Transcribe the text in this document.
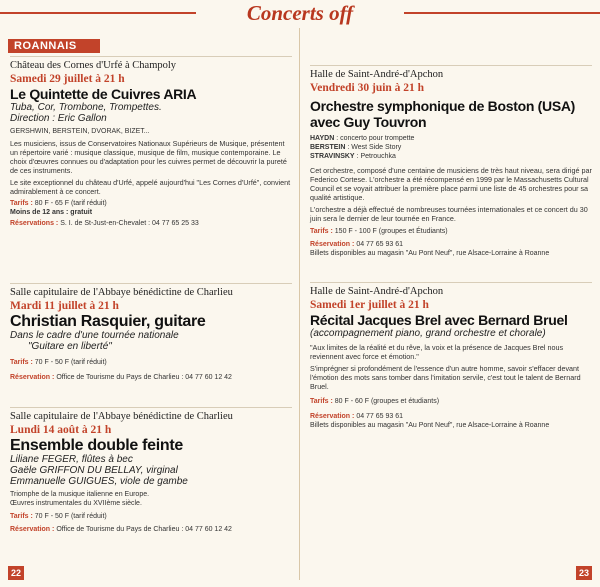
Concerts off
ROANNAIS
Château des Cornes d'Urfé à Champoly
Samedi 29 juillet à 21 h
Le Quintette de Cuivres ARIA
Tuba, Cor, Trombone, Trompettes.
Direction : Eric Gallon
GERSHWIN, BERSTEIN, DVORAK, BIZET...
Les musiciens, issus de Conservatoires Nationaux Supérieurs de Musique, présentent un répertoire varié : musique classique, musique de film, musique contemporaine. Le choix d'œuvres connues ou d'adaptation pour les cuivres permet de découvrir la pureté de ces instruments.
Le site exceptionnel du château d'Urfé, appelé aujourd'hui "Les Cornes d'Urfé", convient admirablement à ce concert.
Tarifs : 80 F - 65 F (tarif réduit)
Moins de 12 ans : gratuit
Réservations : S. I. de St-Just-en-Chevalet : 04 77 65 25 33
Salle capitulaire de l'Abbaye bénédictine de Charlieu
Mardi 11 juillet à 21 h
Christian Rasquier, guitare
Dans le cadre d'une tournée nationale
"Guitare en liberté"
Tarifs : 70 F - 50 F (tarif réduit)
Réservation : Office de Tourisme du Pays de Charlieu : 04 77 60 12 42
Salle capitulaire de l'Abbaye bénédictine de Charlieu
Lundi 14 août à 21 h
Ensemble double feinte
Liliane FEGER, flûtes à bec
Gaële GRIFFON DU BELLAY, virginal
Emmanuelle GUIGUES, viole de gambe
Triomphe de la musique italienne en Europe.
Œuvres instrumentales du XVIIème siècle.
Tarifs : 70 F - 50 F (tarif réduit)
Réservation : Office de Tourisme du Pays de Charlieu : 04 77 60 12 42
Halle de Saint-André-d'Apchon
Vendredi 30 juin à 21 h
Orchestre symphonique de Boston (USA) avec Guy Touvron
HAYDN : concerto pour trompette
BERSTEIN : West Side Story
STRAVINSKY : Petrouchka
Cet orchestre, composé d'une centaine de musiciens de très haut niveau, sera dirigé par Federico Cortese. L'orchestre a été récompensé en 1999 par le Massachusetts Cultural Council et se voyait attribuer la première place parmi une liste de 45 orchestres pour sa qualité artistique.
L'orchestre a déjà effectué de nombreuses tournées internationales et ce concert du 30 juin sera le dernier de leur tournée en France.
Tarifs : 150 F - 100 F (groupes et Étudiants)
Réservation : 04 77 65 93 61
Billets disponibles au magasin "Au Pont Neuf", rue Alsace-Lorraine à Roanne
Halle de Saint-André-d'Apchon
Samedi 1er juillet à 21 h
Récital Jacques Brel avec Bernard Bruel
(accompagnement piano, grand orchestre et chorale)
"Aux limites de la réalité et du rêve, la voix et la présence de Jacques Brel nous reviennent avec force et émotion."
S'imprégner si profondément de l'essence d'un autre homme, savoir s'effacer devant l'émotion des mots sans tomber dans l'imitation servile, c'est tout le talent de Bernard Bruel.
Tarifs : 80 F - 60 F (groupes et étudiants)
Réservation : 04 77 65 93 61
Billets disponibles au magasin "Au Pont Neuf", rue Alsace-Lorraine à Roanne
22	23
